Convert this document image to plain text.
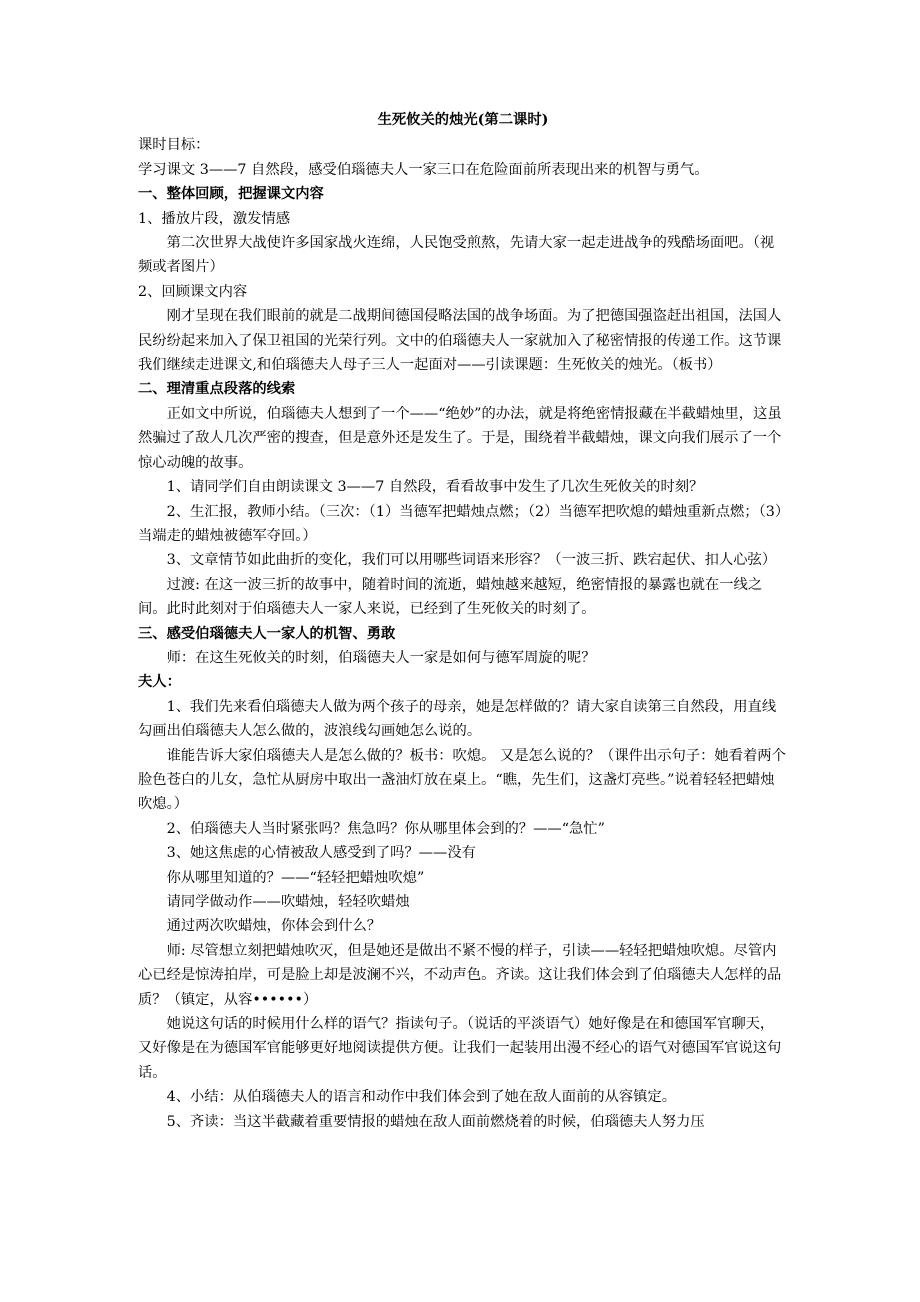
生死攸关的烛光(第二课时)

课时目标：

学习课文 3——7 自然段，感受伯瑙德夫人一家三口在危险面前所表现出来的机智与勇气。

一、整体回顾，把握课文内容

1、播放片段，激发情感

第二次世界大战使许多国家战火连绵，人民饱受煎熬，先请大家一起走进战争的残酷场面吧。（视频或者图片）

2、回顾课文内容

刚才呈现在我们眼前的就是二战期间德国侵略法国的战争场面。为了把德国强盗赶出祖国，法国人民纷纷起来加入了保卫祖国的光荣行列。文中的伯瑙德夫人一家就加入了秘密情报的传递工作。这节课我们继续走进课文,和伯瑙德夫人母子三人一起面对——引读课题：生死攸关的烛光。（板书）

二、理清重点段落的线索

正如文中所说，伯瑙德夫人想到了一个——“绝妙”的办法，就是将绝密情报藏在半截蜡烛里，这虽然骗过了敌人几次严密的搜查，但是意外还是发生了。于是，围绕着半截蜡烛，课文向我们展示了一个惊心动魄的故事。

1、请同学们自由朗读课文 3——7 自然段，看看故事中发生了几次生死攸关的时刻？

2、生汇报，教师小结。（三次：（1）当德军把蜡烛点燃；（2）当德军把吹熄的蜡烛重新点燃；（3）当端走的蜡烛被德军夺回。）

3、文章情节如此曲折的变化，我们可以用哪些词语来形容？（一波三折、跌宕起伏、扣人心弦）

过渡: 在这一波三折的故事中，随着时间的流逝，蜡烛越来越短，绝密情报的暴露也就在一线之间。此时此刻对于伯瑙德夫人一家人来说，已经到了生死攸关的时刻了。

三、感受伯瑙德夫人一家人的机智、勇敢

师：在这生死攸关的时刻，伯瑙德夫人一家是如何与德军周旋的呢？

夫人：

1、我们先来看伯瑙德夫人做为两个孩子的母亲，她是怎样做的？请大家自读第三自然段，用直线勾画出伯瑙德夫人怎么做的，波浪线勾画她怎么说的。

谁能告诉大家伯瑙德夫人是怎么做的？板书：吹熄。 又是怎么说的？（课件出示句子：她看着两个脸色苍白的儿女，急忙从厨房中取出一盏油灯放在桌上。“瞧，先生们，这盏灯亮些。”说着轻轻把蜡烛吹熄。）

2、伯瑙德夫人当时紧张吗？焦急吗？你从哪里体会到的？——“急忙”

3、她这焦虑的心情被敌人感受到了吗？——没有

你从哪里知道的？——“轻轻把蜡烛吹熄”

请同学做动作——吹蜡烛，轻轻吹蜡烛

通过两次吹蜡烛，你体会到什么？

师: 尽管想立刻把蜡烛吹灭，但是她还是做出不紧不慢的样子，引读——轻轻把蜡烛吹熄。尽管内心已经是惊涛拍岸，可是脸上却是波澜不兴，不动声色。齐读。这让我们体会到了伯瑙德夫人怎样的品质？（镇定，从容••••••）

她说这句话的时候用什么样的语气？指读句子。（说话的平淡语气）她好像是在和德国军官聊天，又好像是在为德国军官能够更好地阅读提供方便。让我们一起装用出漫不经心的语气对德国军官说这句话。

4、小结：从伯瑙德夫人的语言和动作中我们体会到了她在敌人面前的从容镇定。

5、齐读：当这半截藏着重要情报的蜡烛在敌人面前燃烧着的时候，伯瑙德夫人努力压
